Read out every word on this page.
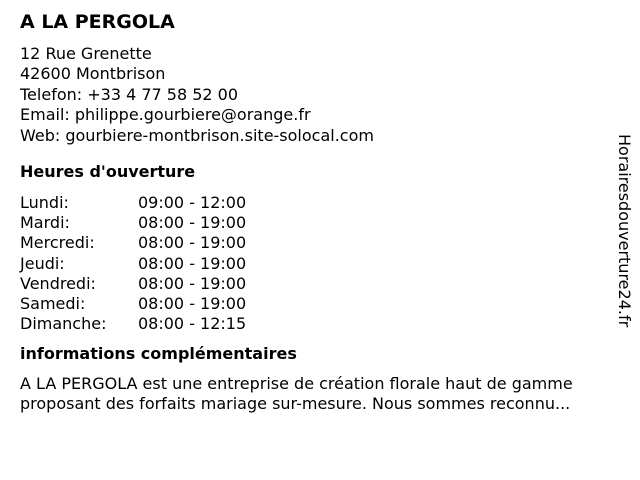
A LA PERGOLA
12 Rue Grenette
42600 Montbrison
Telefon: +33 4 77 58 52 00
Email: philippe.gourbiere@orange.fr
Web: gourbiere-montbrison.site-solocal.com
Heures d'ouverture
Lundi:	09:00 - 12:00
Mardi:	08:00 - 19:00
Mercredi:	08:00 - 19:00
Jeudi:	08:00 - 19:00
Vendredi:	08:00 - 19:00
Samedi:	08:00 - 19:00
Dimanche:	08:00 - 12:15
informations complémentaires
A LA PERGOLA est une entreprise de création florale haut de gamme proposant des forfaits mariage sur-mesure. Nous sommes reconnu...
Horairesdouverture24.fr
